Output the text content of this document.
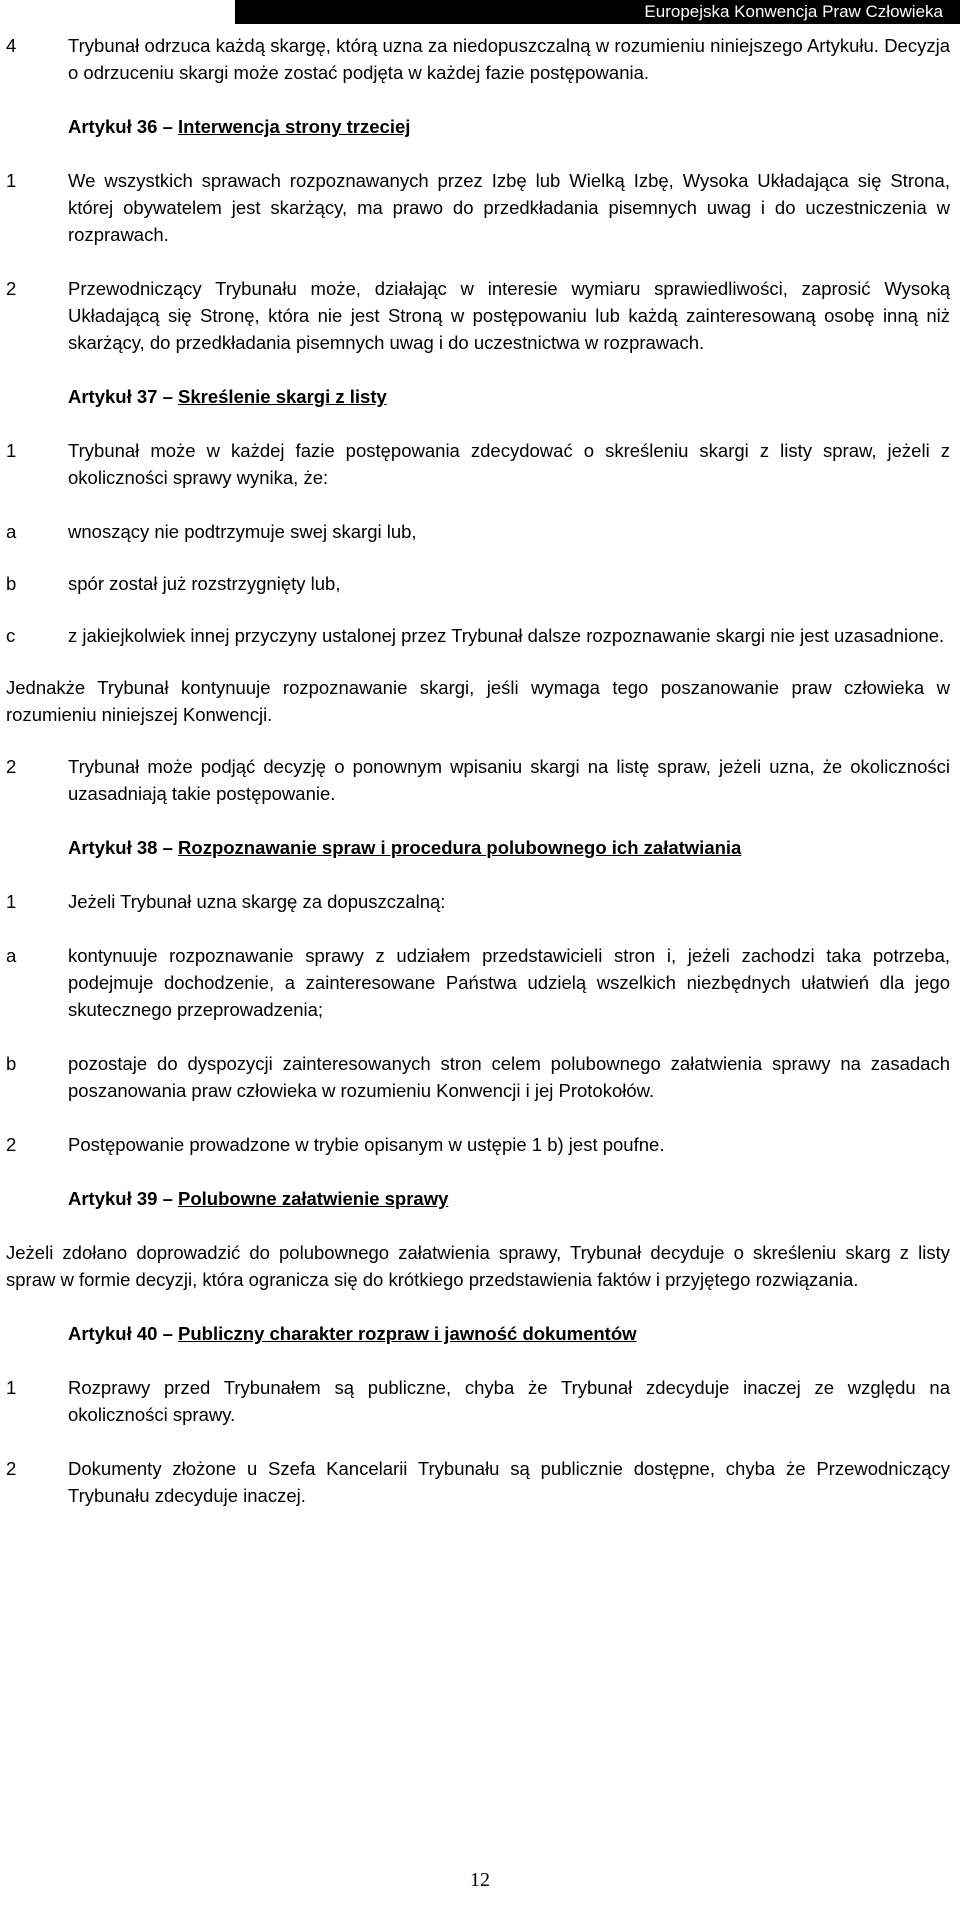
Europejska Konwencja Praw Człowieka
4	Trybunał odrzuca każdą skargę, którą uzna za niedopuszczalną w rozumieniu niniejszego Artykułu. Decyzja o odrzuceniu skargi może zostać podjęta w każdej fazie postępowania.
Artykuł 36 – Interwencja strony trzeciej
1	We wszystkich sprawach rozpoznawanych przez Izbę lub Wielką Izbę, Wysoka Układająca się Strona, której obywatelem jest skarżący, ma prawo do przedkładania pisemnych uwag i do uczestniczenia w rozprawach.
2	Przewodniczący Trybunału może, działając w interesie wymiaru sprawiedliwości, zaprosić Wysoką Układającą się Stronę, która nie jest Stroną w postępowaniu lub każdą zainteresowaną osobę inną niż skarżący, do przedkładania pisemnych uwag i do uczestnictwa w rozprawach.
Artykuł 37 – Skreślenie skargi z listy
1	Trybunał może w każdej fazie postępowania zdecydować o skreśleniu skargi z listy spraw, jeżeli z okoliczności sprawy wynika, że:
a	wnoszący nie podtrzymuje swej skargi lub,
b	spór został już rozstrzygnięty lub,
c	z jakiejkolwiek innej przyczyny ustalonej przez Trybunał dalsze rozpoznawanie skargi nie jest uzasadnione.
Jednakże Trybunał kontynuuje rozpoznawanie skargi, jeśli wymaga tego poszanowanie praw człowieka w rozumieniu niniejszej Konwencji.
2	Trybunał może podjąć decyzję o ponownym wpisaniu skargi na listę spraw, jeżeli uzna, że okoliczności uzasadniają takie postępowanie.
Artykuł 38 – Rozpoznawanie spraw i procedura polubownego ich załatwiania
1	Jeżeli Trybunał uzna skargę za dopuszczalną:
a	kontynuuje rozpoznawanie sprawy z udziałem przedstawicieli stron i, jeżeli zachodzi taka potrzeba, podejmuje dochodzenie, a zainteresowane Państwa udzielą wszelkich niezbędnych ułatwień dla jego skutecznego przeprowadzenia;
b	pozostaje do dyspozycji zainteresowanych stron celem polubownego załatwienia sprawy na zasadach poszanowania praw człowieka w rozumieniu Konwencji i jej Protokołów.
2	Postępowanie prowadzone w trybie opisanym w ustępie 1 b) jest poufne.
Artykuł 39 – Polubowne załatwienie sprawy
Jeżeli zdołano doprowadzić do polubownego załatwienia sprawy, Trybunał decyduje o skreśleniu skarg z listy spraw w formie decyzji, która ogranicza się do krótkiego przedstawienia faktów i przyjętego rozwiązania.
Artykuł 40 – Publiczny charakter rozpraw i jawność dokumentów
1	Rozprawy przed Trybunałem są publiczne, chyba że Trybunał zdecyduje inaczej ze względu na okoliczności sprawy.
2	Dokumenty złożone u Szefa Kancelarii Trybunału są publicznie dostępne, chyba że Przewodniczący Trybunału zdecyduje inaczej.
12
